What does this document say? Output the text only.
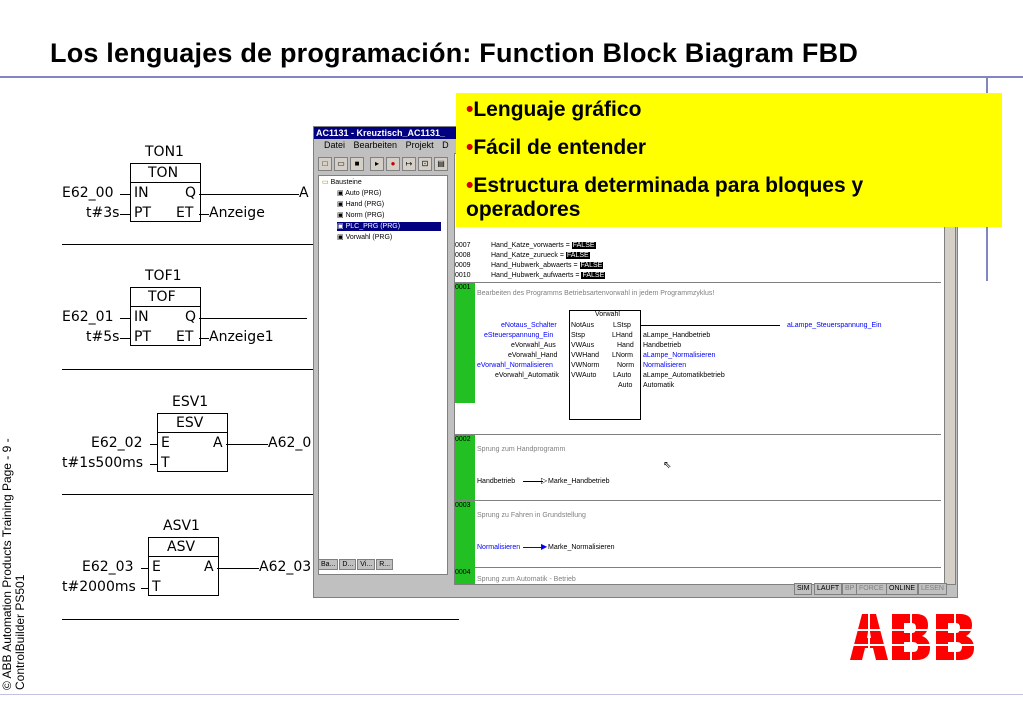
Los lenguajes de programación: Function Block Biagram FBD
© ABB Automation Products Training Page - 9 - ControlBuilder PS501
TON1
TON
E62_00 IN	Q	A
t#3s PT ET Anzeige
TOF1
TOF
E62_01 IN	Q
t#5s PT ET Anzeige1
ESV1
ESV
E62_02 E	A	A62_0
t#1s500ms T
ASV1
ASV
E62_03 E	A	A62_03
t#2000ms T
AC1131 - Kreuztisch_AC1131_
Datei Bearbeiten Projekt D
□ ▭ ■ ▸ ● ↦ ⊡ ▤
▭ Bausteine
▣ Auto (PRG)
▣ Hand (PRG)
▣ Norm (PRG)
▣ PLC_PRG (PRG)
▣ Vorwahl (PRG)
Ba... D... Vi... R...
0007	Hand_Katze_vorwaerts = FALSE
0008	Hand_Katze_zurueck = FALSE
0009	Hand_Hubwerk_abwaerts = FALSE
0010	Hand_Hubwerk_aufwaerts = FALSE
0001
Bearbeiten des Programms Betriebsartenvorwahl in jedem Programmzyklus!
Vorwahl
eNotaus_Schalter NotAus
eSteuerspannung_Ein	Stsp
eVorwahl_Aus VWAus
eVorwahl_Hand VWHand
eVorwahl_Normalisieren	VWNorm
eVorwahl_Automatik VWAuto
LStsp	aLampe_Steuerspannung_Ein
LHand aLampe_Handbetrieb
Hand Handbetrieb
LNorm aLampe_Normalisieren
Norm Normalisieren
LAuto aLampe_Automatikbetrieb
Auto Automatik
0002
Sprung zum Handprogramm
Handbetrieb	▷ Marke_Handbetrieb
⇖
0003
Sprung zu Fahren in Grundstellung
Normalisieren	▶ Marke_Normalisieren
0004
Sprung zum Automatik - Betrieb
SIM	LAUFT BP FORCE ONLINE LESEN
•Lenguaje gráfico
•Fácil de entender
•Estructura determinada para bloques y
operadores
